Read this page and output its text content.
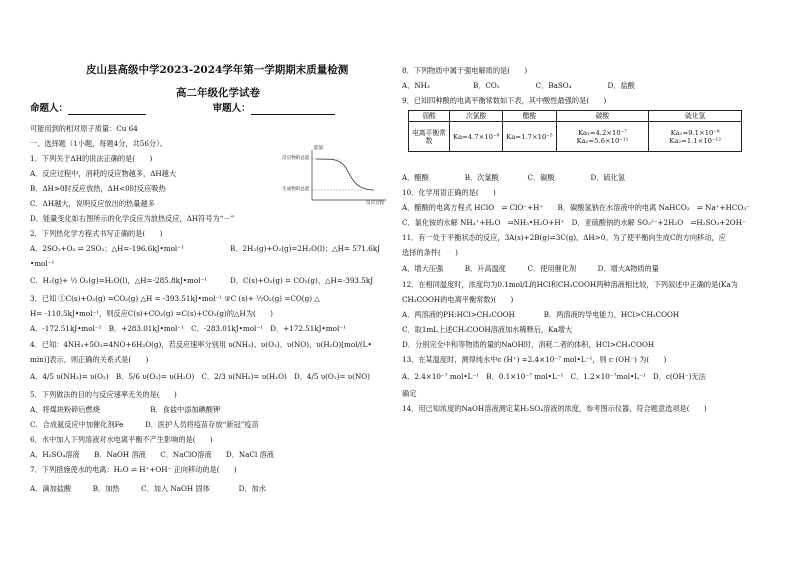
皮山县高级中学2023-2024学年第一学期期末质量检测
高二年级化学试卷
命题人：	审题人：
可能用到的相对原子质量：Cu 64
一、选择题（1小题，每题4分，共56分）。
1．下列关于ΔH的说法正确的是(　　)
A．反应过程中，消耗的反应物越多，ΔH越大
B．ΔH>0时反应放热，ΔH<0时反应吸热
C．ΔH越大，说明反应放出的热量越多
D．能量变化如右图所示的化学反应为放热反应，ΔH符号为“－”
能量
反应物的总能
生成物的总能
反应过程
2．下列热化学方程式书写正确的是(　　)
A．2SO₂+O₂ ⇌ 2SO₃；△H=-196.6kJ•mol⁻¹	B．2H₂(g)+O₂(g)=2H₂O(l)；△H= 571.6kJ
•mol⁻¹
C．H₂(g)+ ½ O₂(g)=H₂O(l)，△H=-285.8kJ•mol⁻¹	D．C(s)+O₂(g) = CO₂(g)，△H=-393.5kJ
3．已知 ①C(s)+O₂(g) =CO₂(g) △H = -393.51kJ•mol⁻¹ ②C (s)+ ½O₂(g) =CO(g) △
H= -110.5kJ•mol⁻¹，则反应C(s)+CO₂(g) =C(s)+CO₂(g)的△H为(　　)
A．-172.51kJ•mol⁻¹　B．+283.01kJ•mol⁻¹　C．-283.01kJ•mol⁻¹　D．+172.51kJ•mol⁻¹
4．已知：4NH₃+5O₂=4NO+6H₂O(g)，若反应速率分别用 υ(NH₃)、υ(O₂)、υ(NO)、υ(H₂O)[mol/(L•
min)]表示，则正确的关系式是(　　)
A．4/5 υ(NH₃)= υ(O₂)　B．5/6 υ(O₂)= υ(H₂O)　C．2/3 υ(NH₃)= υ(H₂O)　D．4/5 υ(O₂)= υ(NO)
5．下列做法的目的与反应速率无关的是(　　)
A．将煤块粉碎后燃烧　　　　　　　B．食盐中添加碘酸钾
C．合成氨反应中加催化剂Fe　　　D．医护人员将疫苗存放“新冠”疫苗
6．水中加入下列溶液对水电离平衡不产生影响的是(　　)
A．H₂SO₄溶液　　B．NaOH 溶液　　C．NaClO溶液　　D．NaCl 溶液
7．下列措施使水的电离：H₂O ⇌ H⁺+OH⁻ 正向移动的是(　　)
A．滴加盐酸　　　B．加热　　　C．加入 NaOH 固体　　　　D．加水
8．下列物质中属于强电解质的是(　　)
A．NH₃　　　　　　B．CO₂　　　　　C．BaSO₄　　　　　D．盐酸
9．已知四种酸的电离平衡常数如下表，其中酸性最强的是(　　)
弱酸	次氯酸	醋酸	碳酸	硫化氢
电离平衡常数	Ka=4.7×10⁻⁸	Ka=1.7×10⁻⁵	Ka₁=4.2×10⁻⁷ Ka₂=5.6×10⁻¹¹	Ka₁=9.1×10⁻⁸ Ka₂=1.1×10⁻¹²
A．醋酸　　　　　B．次氯酸　　　　C．碳酸　　　　　D．硫化氢
10．化学用语正确的是(　　)
A．醋酸的电离方程式 HClO　⇌ ClO⁻+H⁺　　B．碳酸氢钠在水溶液中的电离 NaHCO₃　⇌ Na⁺+HCO₃⁻
C．氯化铵的水解 NH₄⁺+H₂O　⇌NH₃•H₂O+H⁺　D．亚硫酸钠的水解 SO₃²⁻+2H₂O　⇌H₂SO₃+2OH⁻
11．有一处于平衡状态的反应，3A(s)+2B(g)⇌3C(g)，ΔH>0。为了使平衡向生成C的方向移动，应
选择的条件(　　)
A．增大压强　　　B．升高温度　　　C．使用催化剂　　　D．增大A物质的量
12．在相同温度时，浓度均为0.1mol/L的HCl和CH₃COOH两种溶液相比较，下列叙述中正确的是(Ka为
CH₃COOH的电离平衡常数)(　　)
A．两溶液的PH:HCl>CH₃COOH　　　　B．两溶液的导电能力，HCl>CH₃COOH
C．取1mL上述CH₃COOH溶液加水稀释后，Ka增大
D．分别完全中和等物质的量的NaOH时，消耗二者的体积，HCl>CH₃COOH
13．在某温度时，测得纯水中c (H⁺) =2.4×10⁻⁷ mol•L⁻¹，则 c (OH⁻) 为(　　)
A．2.4×10⁻⁷ mol•L⁻¹　B．0.1×10⁻⁷ mol•L⁻¹　C．1.2×10⁻⁷mol•L⁻¹　D．c(OH⁻)无法
确定
14．用已知浓度的NaOH溶液测定某H₂SO₄溶液的浓度，参考图示仪器，符合题意选项是(　　)
